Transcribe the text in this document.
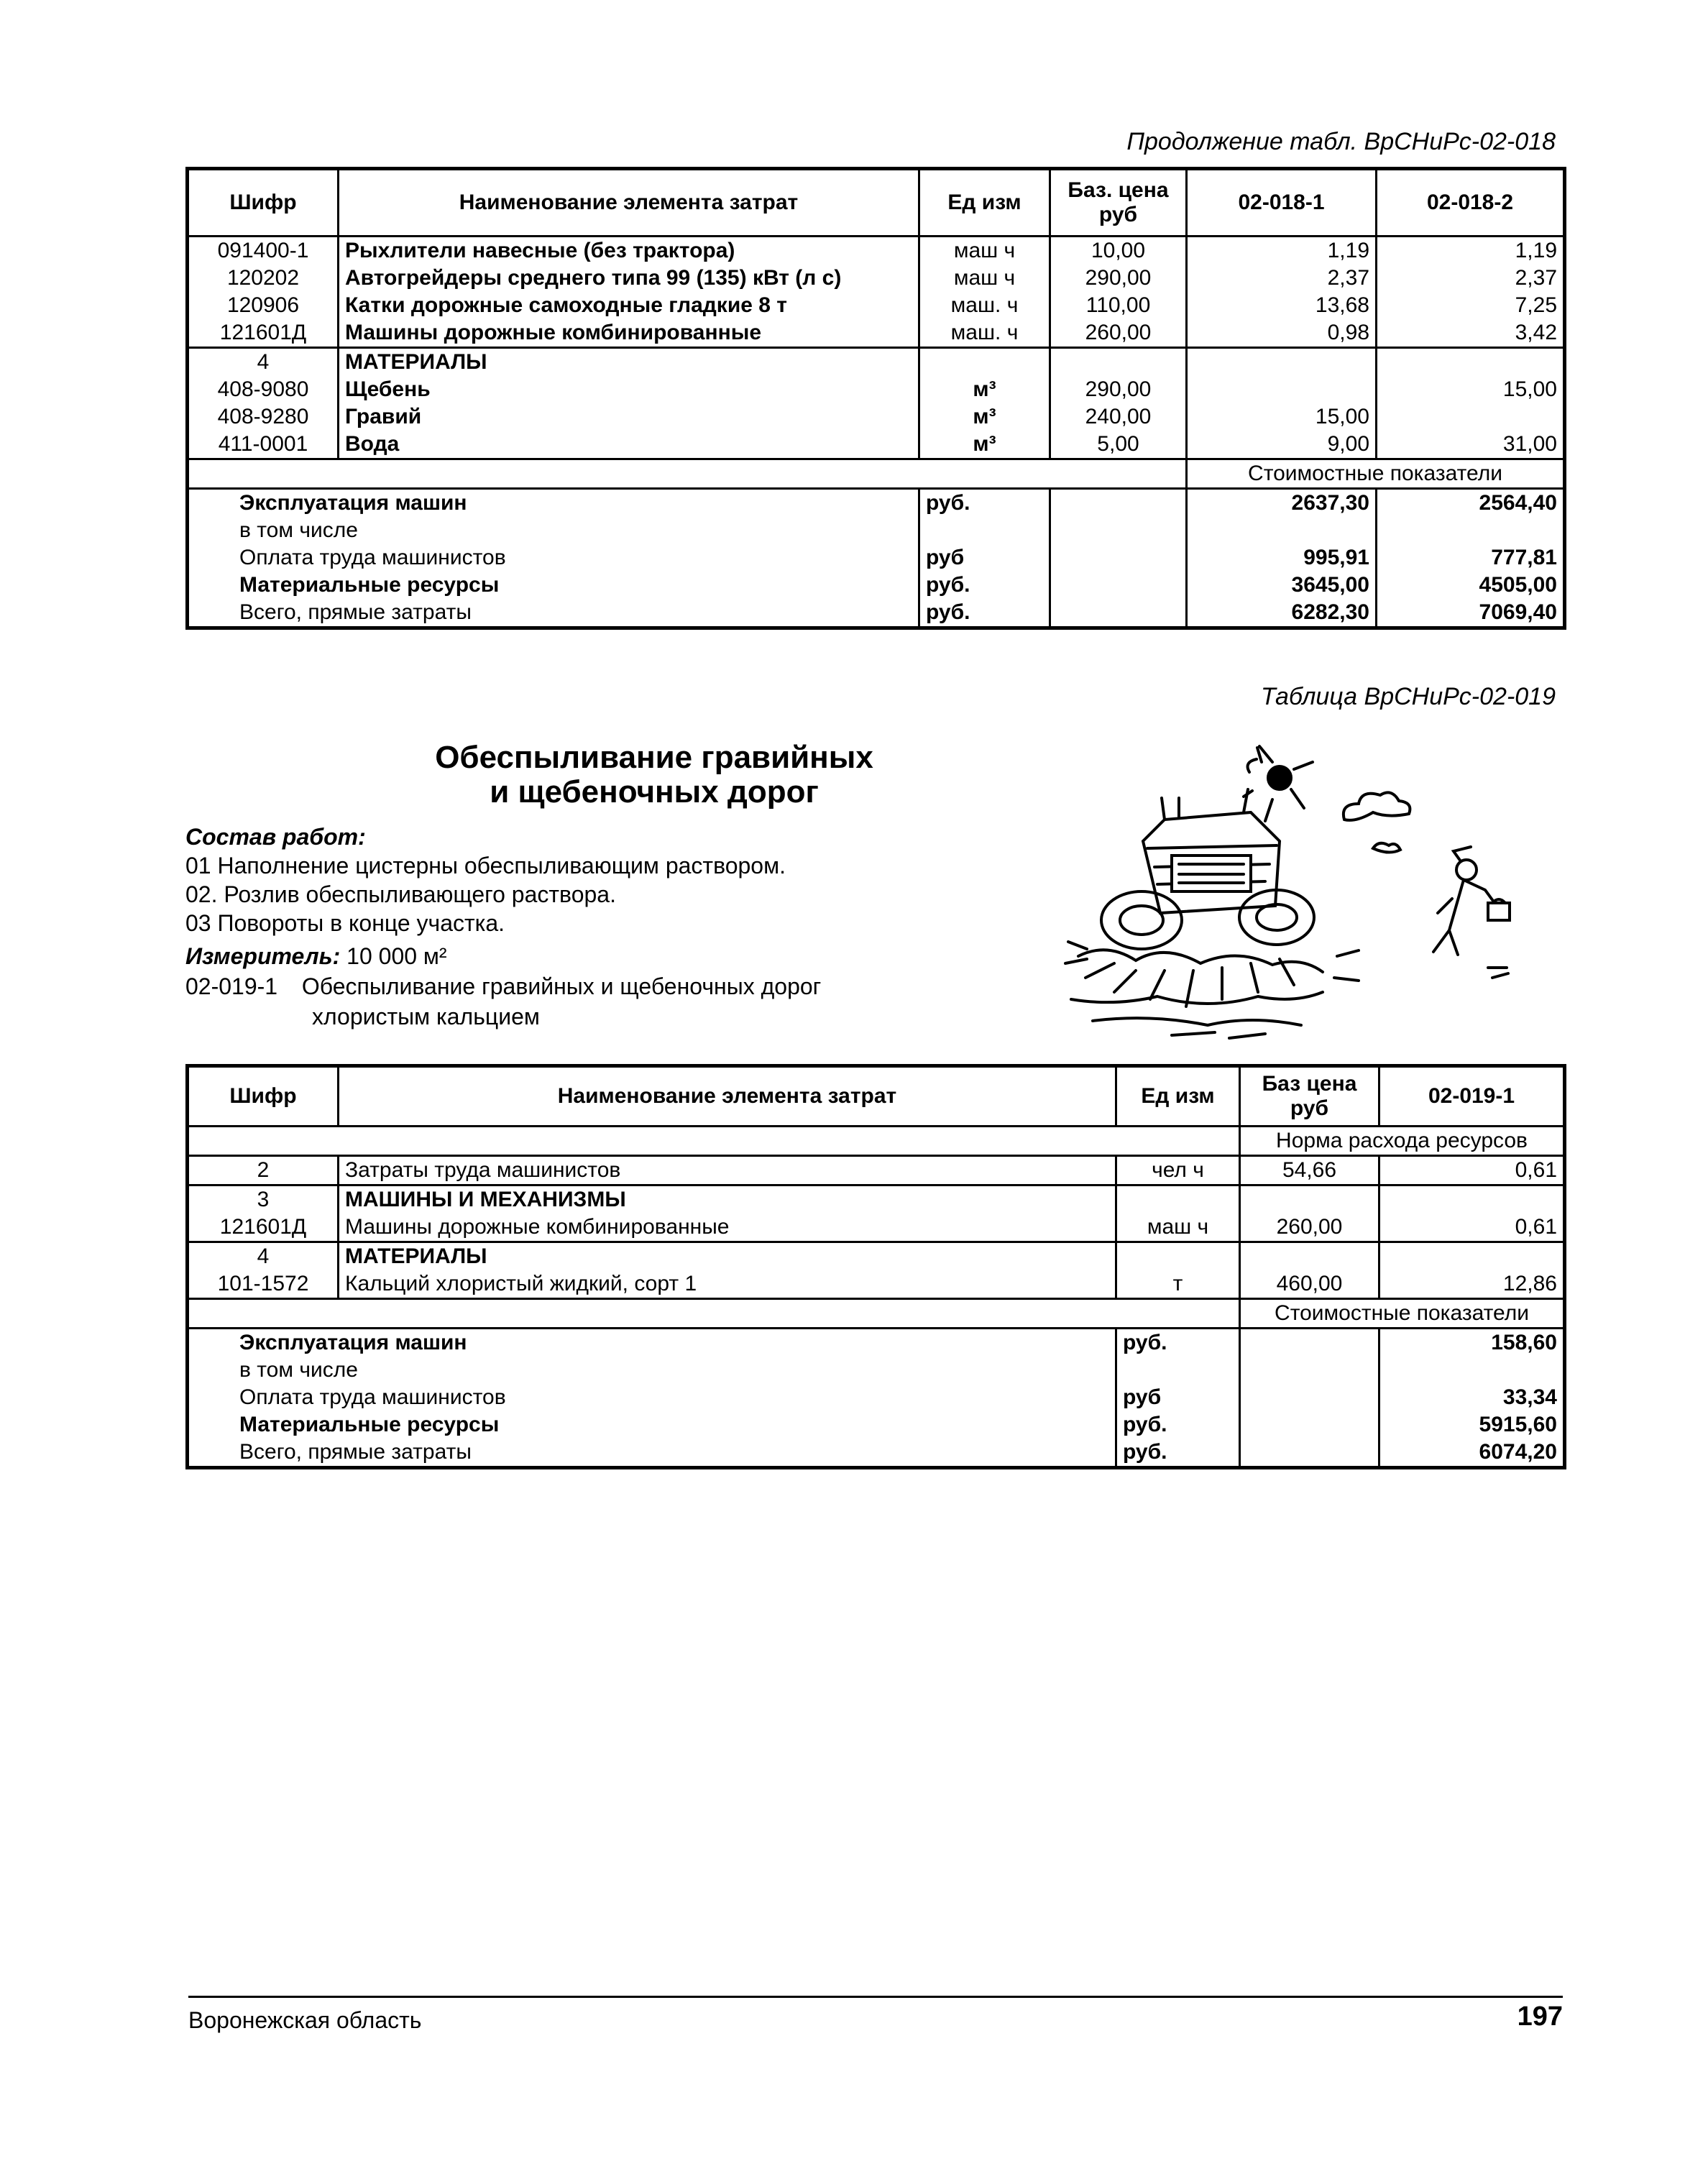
Продолжение табл. ВрСНиРс-02-018
Шифр	Наименование элемента затрат	Ед изм	Баз. цена руб	02-018-1	02-018-2
091400-1	Рыхлители навесные (без трактора)	маш ч	10,00	1,19	1,19
120202	Автогрейдеры среднего типа 99 (135) кВт (л с)	маш ч	290,00	2,37	2,37
120906	Катки дорожные самоходные гладкие 8 т	маш. ч	110,00	13,68	7,25
121601Д	Машины дорожные комбинированные	маш. ч	260,00	0,98	3,42
4	МАТЕРИАЛЫ				
408-9080	Щебень	м³	290,00		15,00
408-9280	Гравий	м³	240,00	15,00	
411-0001	Вода	м³	5,00	9,00	31,00
				Стоимостные показатели	
Эксплуатация машин		руб.		2637,30	2564,40
в том числе					
Оплата труда машинистов		руб		995,91	777,81
Материальные ресурсы		руб.		3645,00	4505,00
Всего, прямые затраты		руб.		6282,30	7069,40
Таблица ВрСНиРс-02-019
Обеспыливание гравийных
и щебеночных дорог
Состав работ:
01 Наполнение цистерны обеспыливающим раствором.
02. Розлив обеспыливающего раствора.
03 Повороты в конце участка.
Измеритель: 10 000 м²
02-019-1 Обеспыливание гравийных и щебеночных дорог
хлористым кальцием
Шифр	Наименование элемента затрат	Ед изм	Баз цена руб	02-019-1
			Норма расхода ресурсов	
2	Затраты труда машинистов	чел ч	54,66	0,61
3	МАШИНЫ И МЕХАНИЗМЫ			
121601Д	Машины дорожные комбинированные	маш ч	260,00	0,61
4	МАТЕРИАЛЫ			
101-1572	Кальций хлористый жидкий, сорт 1	т	460,00	12,86
			Стоимостные показатели	
Эксплуатация машин		руб.		158,60
в том числе				
Оплата труда машинистов		руб		33,34
Материальные ресурсы		руб.		5915,60
Всего, прямые затраты		руб.		6074,20
Воронежская область	197
